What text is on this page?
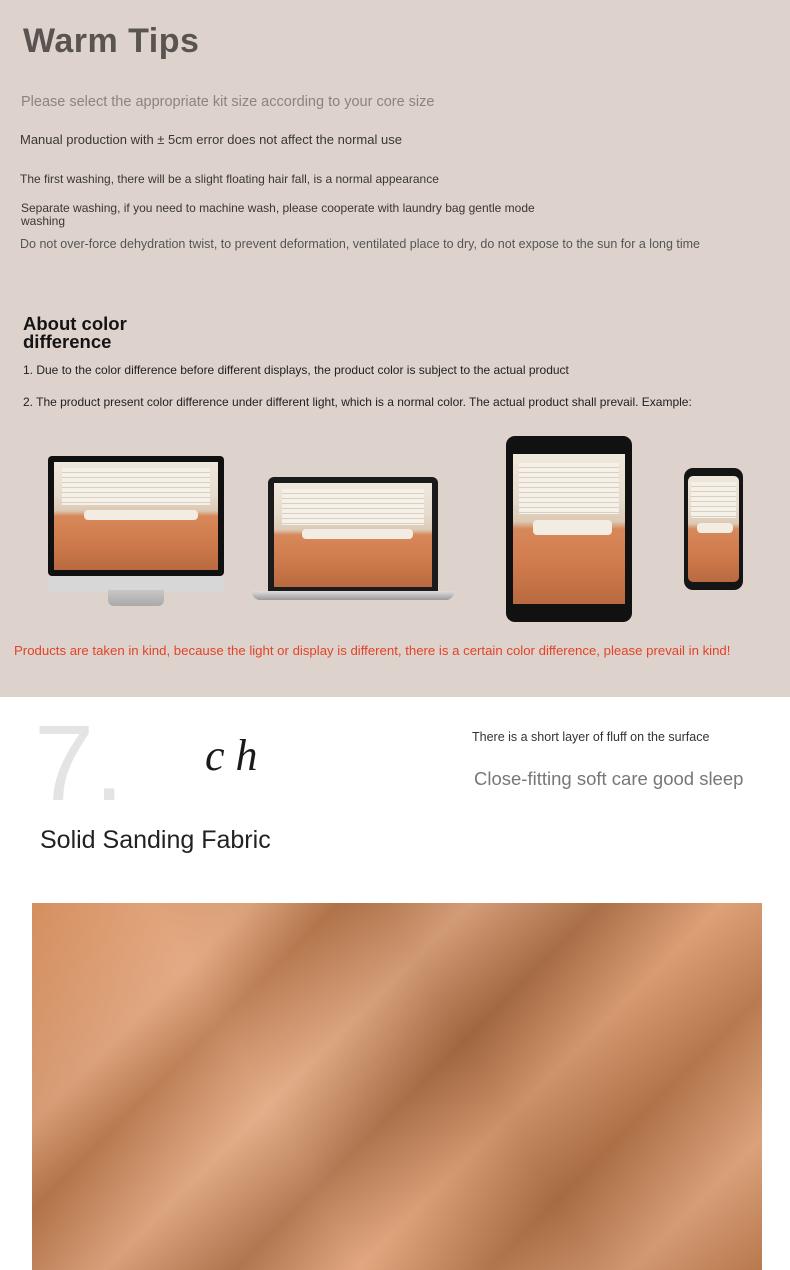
Warm Tips

Please select the appropriate kit size according to your core size

Manual production with ± 5cm error does not affect the normal use

The first washing, there will be a slight floating hair fall, is a normal appearance

Separate washing, if you need to machine wash, please cooperate with laundry bag gentle mode washing

Do not over-force dehydration twist, to prevent deformation, ventilated place to dry, do not expose to the sun for a long time

About color difference

1. Due to the color difference before different displays, the product color is subject to the actual product

2. The product present color difference under different light, which is a normal color. The actual product shall prevail. Example:

Products are taken in kind, because the light or display is different, there is a certain color difference, please prevail in kind!

7. c h
Solid Sanding Fabric

There is a short layer of fluff on the surface

Close-fitting soft care good sleep
